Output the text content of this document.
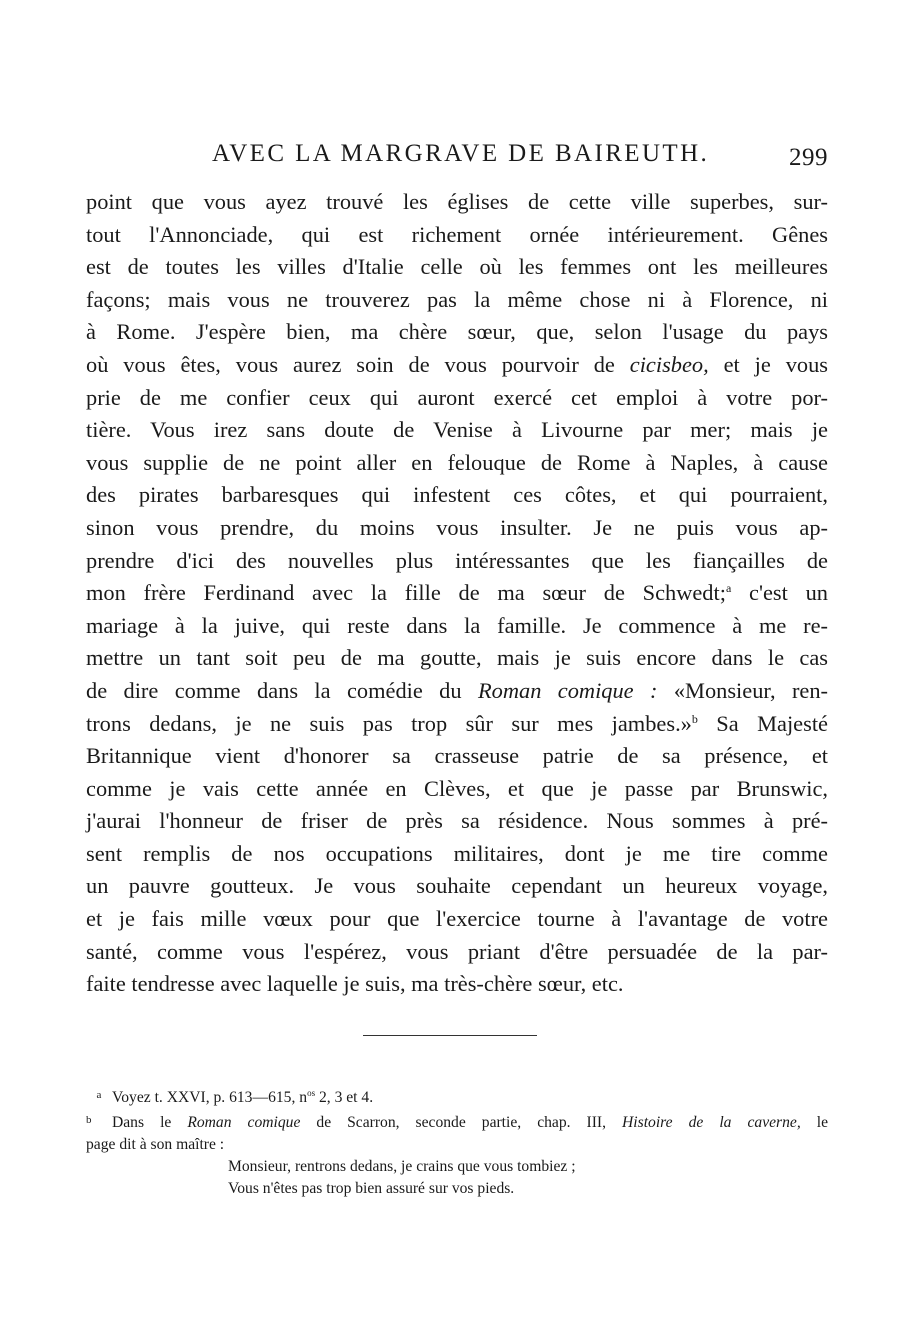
AVEC LA MARGRAVE DE BAIREUTH.	299
point que vous ayez trouvé les églises de cette ville superbes, sur-
tout l'Annonciade, qui est richement ornée intérieurement. Gênes
est de toutes les villes d'Italie celle où les femmes ont les meilleures
façons; mais vous ne trouverez pas la même chose ni à Florence, ni
à Rome. J'espère bien, ma chère sœur, que, selon l'usage du pays
où vous êtes, vous aurez soin de vous pourvoir de cicisbeo, et je vous
prie de me confier ceux qui auront exercé cet emploi à votre por-
tière. Vous irez sans doute de Venise à Livourne par mer; mais je
vous supplie de ne point aller en felouque de Rome à Naples, à cause
des pirates barbaresques qui infestent ces côtes, et qui pourraient,
sinon vous prendre, du moins vous insulter. Je ne puis vous ap-
prendre d'ici des nouvelles plus intéressantes que les fiançailles de
mon frère Ferdinand avec la fille de ma sœur de Schwedt;$^a$ c'est un
mariage à la juive, qui reste dans la famille. Je commence à me re-
mettre un tant soit peu de ma goutte, mais je suis encore dans le cas
de dire comme dans la comédie du Roman comique : «Monsieur, ren-
trons dedans, je ne suis pas trop sûr sur mes jambes.»$^b$ Sa Majesté
Britannique vient d'honorer sa crasseuse patrie de sa présence, et
comme je vais cette année en Clèves, et que je passe par Brunswic,
j'aurai l'honneur de friser de près sa résidence. Nous sommes à pré-
sent remplis de nos occupations militaires, dont je me tire comme
un pauvre goutteux. Je vous souhaite cependant un heureux voyage,
et je fais mille vœux pour que l'exercice tourne à l'avantage de votre
santé, comme vous l'espérez, vous priant d'être persuadée de la par-
faite tendresse avec laquelle je suis, ma très-chère sœur, etc.
a Voyez t. XXVI, p. 613—615, $n^{os}$ 2, 3 et 4.
b Dans le Roman comique de Scarron, seconde partie, chap. III, Histoire de la caverne, le
page dit à son maître :
Monsieur, rentrons dedans, je crains que vous tombiez ;
Vous n'êtes pas trop bien assuré sur vos pieds.
